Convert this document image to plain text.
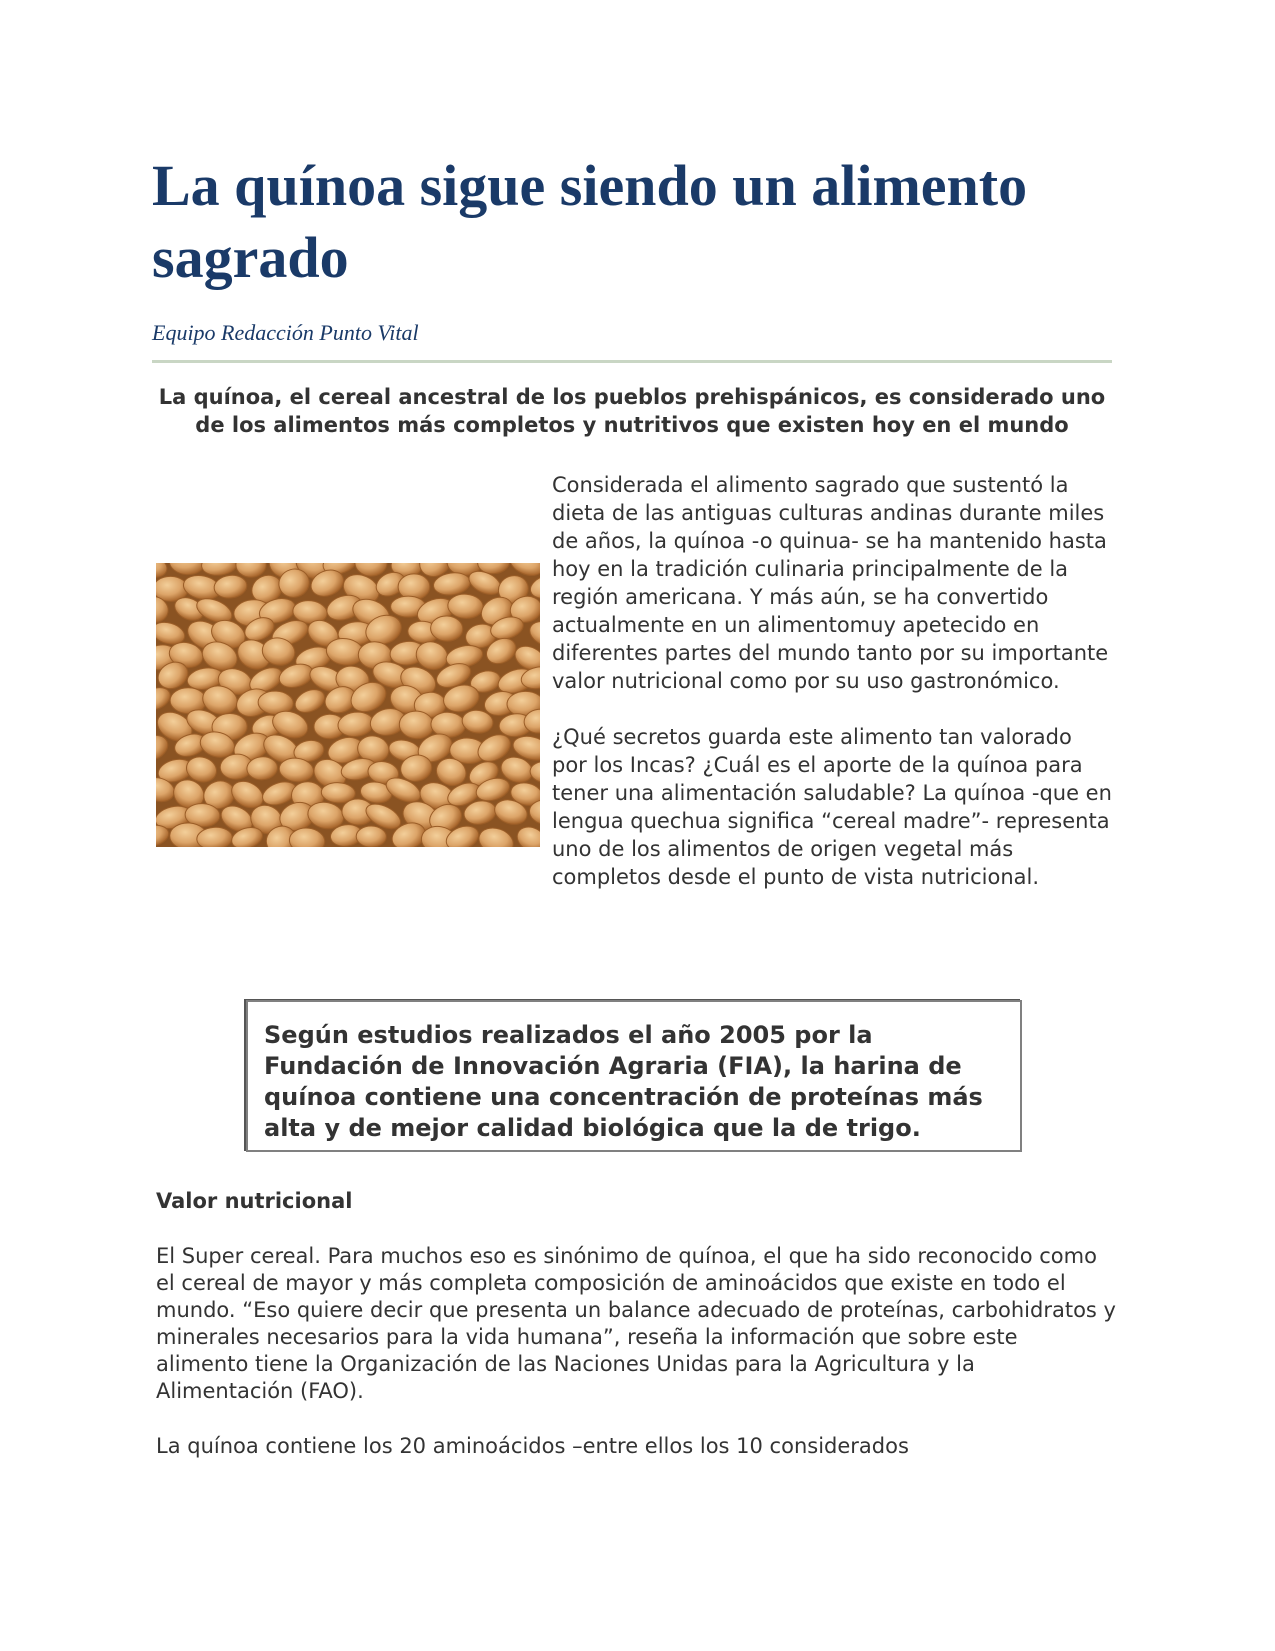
La quínoa sigue siendo un alimento sagrado
Equipo Redacción Punto Vital
La quínoa, el cereal ancestral de los pueblos prehispánicos, es considerado uno de los alimentos más completos y nutritivos que existen hoy en el mundo

Considerada el alimento sagrado que sustentó la dieta de las antiguas culturas andinas durante miles de años, la quínoa -o quinua- se ha mantenido hasta hoy en la tradición culinaria principalmente de la región americana. Y más aún, se ha convertido actualmente en un alimentomuy apetecido en diferentes partes del mundo tanto por su importante valor nutricional como por su uso gastronómico.

¿Qué secretos guarda este alimento tan valorado por los Incas? ¿Cuál es el aporte de la quínoa para tener una alimentación saludable? La quínoa -que en lengua quechua significa “cereal madre”- representa uno de los alimentos de origen vegetal más completos desde el punto de vista nutricional.

Según estudios realizados el año 2005 por la Fundación de Innovación Agraria (FIA), la harina de quínoa contiene una concentración de proteínas más alta y de mejor calidad biológica que la de trigo.

Valor nutricional

El Super cereal. Para muchos eso es sinónimo de quínoa, el que ha sido reconocido como el cereal de mayor y más completa composición de aminoácidos que existe en todo el mundo. “Eso quiere decir que presenta un balance adecuado de proteínas, carbohidratos y minerales necesarios para la vida humana”, reseña la información que sobre este alimento tiene la Organización de las Naciones Unidas para la Agricultura y la Alimentación (FAO).

La quínoa contiene los 20 aminoácidos –entre ellos los 10 considerados
